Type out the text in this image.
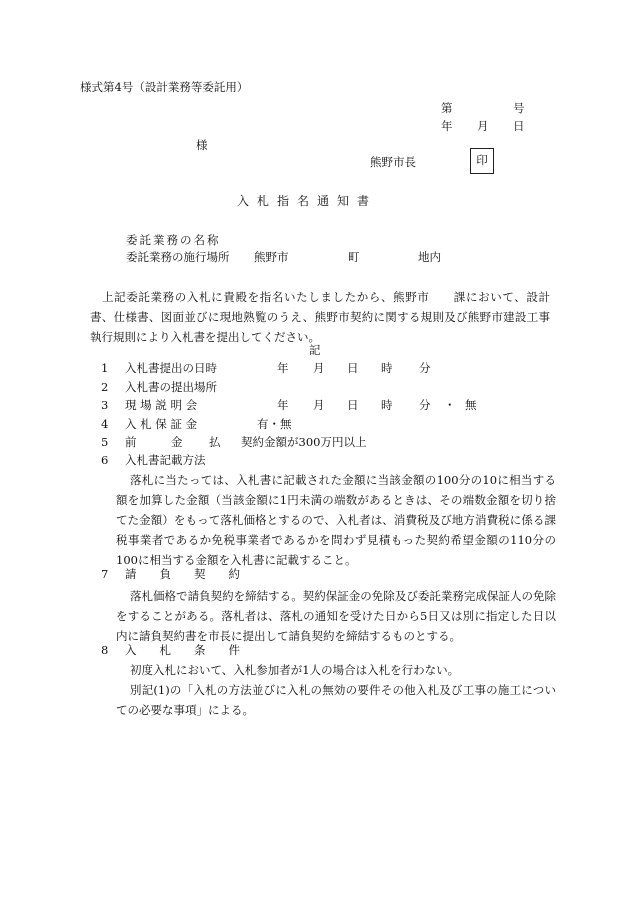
様式第4号（設計業務等委託用）
第	号
年 月 日
様
熊野市長	印
入札指名通知書
委託業務の名称
委託業務の施行場所 熊野市	町	地内
上記委託業務の入札に貴殿を指名いたしましたから、熊野市　　課において、設計書、仕様書、図面並びに現地熟覧のうえ、熊野市契約に関する規則及び熊野市建設工事執行規則により入札書を提出してください。
記
1 入札書提出の日時	年 月 日 時 分
2 入札書の提出場所
3 現 場 説 明 会	年 月 日 時 分 ・ 無
4 入 札 保 証 金	有・無
5 前	金 払 契約金額が300万円以上
6 入札書記載方法
落札に当たっては、入札書に記載された金額に当該金額の100分の10に相当する額を加算した金額（当該金額に1円未満の端数があるときは、その端数金額を切り捨てた金額）をもって落札価格とするので、入札者は、消費税及び地方消費税に係る課税事業者であるか免税事業者であるかを問わず見積もった契約希望金額の110分の100に相当する金額を入札書に記載すること。
7 請　　負　　契　　約
落札価格で請負契約を締結する。契約保証金の免除及び委託業務完成保証人の免除をすることがある。落札者は、落札の通知を受けた日から5日又は別に指定した日以内に請負契約書を市長に提出して請負契約を締結するものとする。
8 入　　札　　条　　件
初度入札において、入札参加者が1人の場合は入札を行わない。
別記(1)の「入札の方法並びに入札の無効の要件その他入札及び工事の施工についての必要な事項」による。
